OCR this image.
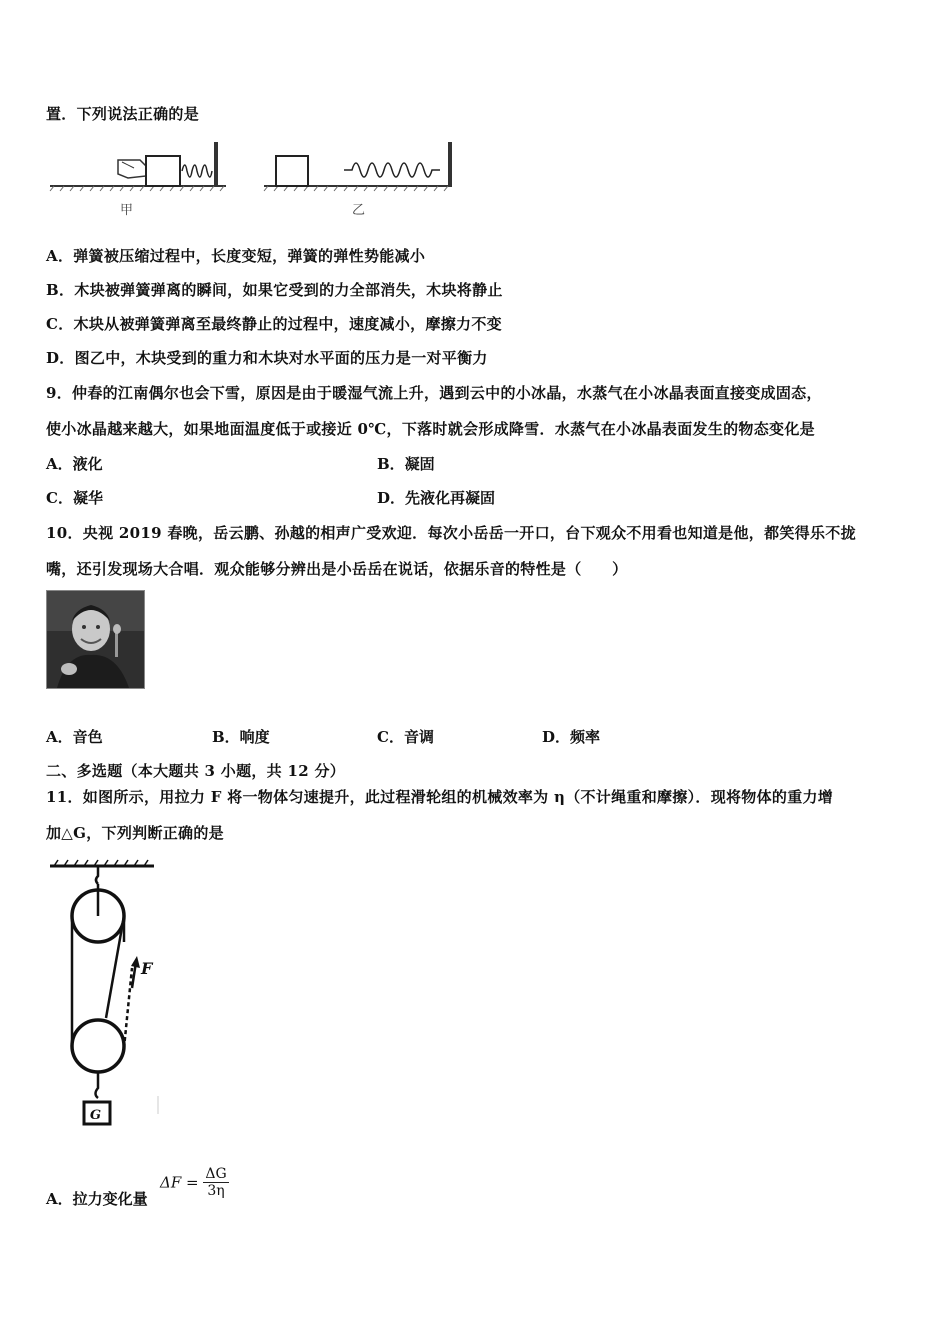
置．下列说法正确的是
甲	乙
A．弹簧被压缩过程中，长度变短，弹簧的弹性势能减小
B．木块被弹簧弹离的瞬间，如果它受到的力全部消失，木块将静止
C．木块从被弹簧弹离至最终静止的过程中，速度减小，摩擦力不变
D．图乙中，木块受到的重力和木块对水平面的压力是一对平衡力
9．仲春的江南偶尔也会下雪，原因是由于暖湿气流上升，遇到云中的小冰晶，水蒸气在小冰晶表面直接变成固态，
使小冰晶越来越大，如果地面温度低于或接近 0℃，下落时就会形成降雪．水蒸气在小冰晶表面发生的物态变化是
A．液化	B．凝固
C．凝华	D．先液化再凝固
10．央视 2019 春晚，岳云鹏、孙越的相声广受欢迎．每次小岳岳一开口，台下观众不用看也知道是他，都笑得乐不拢
嘴，还引发现场大合唱．观众能够分辨出是小岳岳在说话，依据乐音的特性是（　　）
A．音色	B．响度	C．音调	D．频率
二、多选题（本大题共 3 小题，共 12 分）
11．如图所示，用拉力 F 将一物体匀速提升，此过程滑轮组的机械效率为 η（不计绳重和摩擦）．现将物体的重力增
加△G，下列判断正确的是
F
G
A．拉力变化量
$\Delta F = \frac{\Delta G}{3\eta}$
